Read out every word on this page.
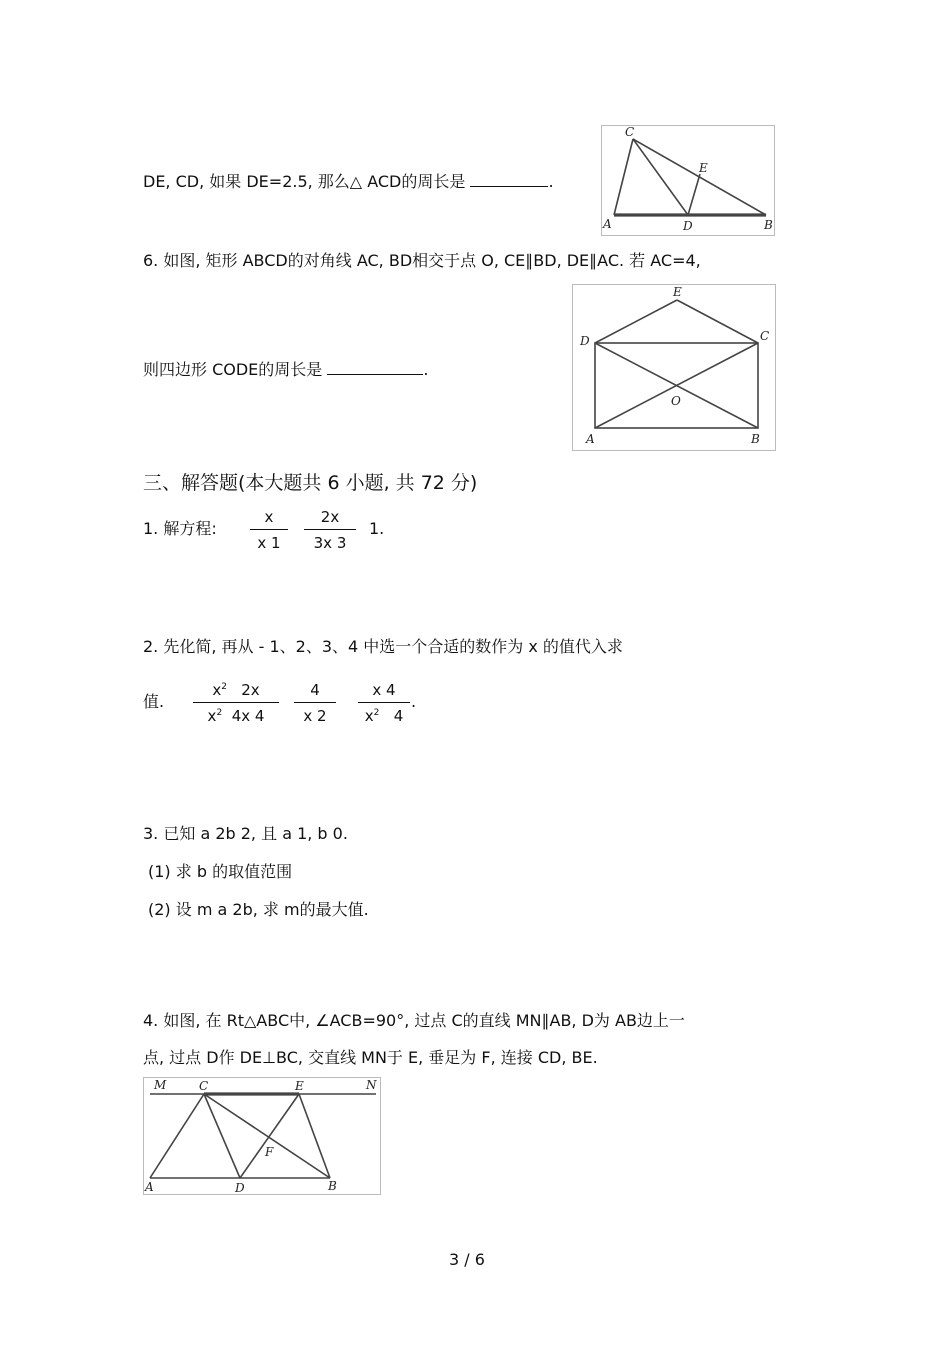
DE, CD, 如果 DE=2.5, 那么△ ACD的周长是	.
C
E
A	D	B
6. 如图, 矩形 ABCD的对角线 AC, BD相交于点 O, CE∥BD, DE∥AC. 若 AC=4,
E
D	C
O
A	B
则四边形 CODE的周长是	.
三、解答题(本大题共 6 小题, 共 72 分)
1. 解方程:
x
x 1
2x
3x 3
1.
2. 先化简, 再从 - 1、2、3、4 中选一个合适的数作为 x 的值代入求
值.
$x^2$ 2x
$x^2$ 4x 4
4
x 2
x 4
$x^2$ 4
.
3. 已知 a 2b 2, 且 a 1, b 0.
(1) 求 b 的取值范围
(2) 设 m a 2b, 求 m的最大值.
4. 如图, 在 Rt△ABC中, ∠ACB=90°, 过点 C的直线 MN∥AB, D为 AB边上一
点, 过点 D作 DE⊥BC, 交直线 MN于 E, 垂足为 F, 连接 CD, BE.
M	C	E	N
F
A	D	B
3 / 6
